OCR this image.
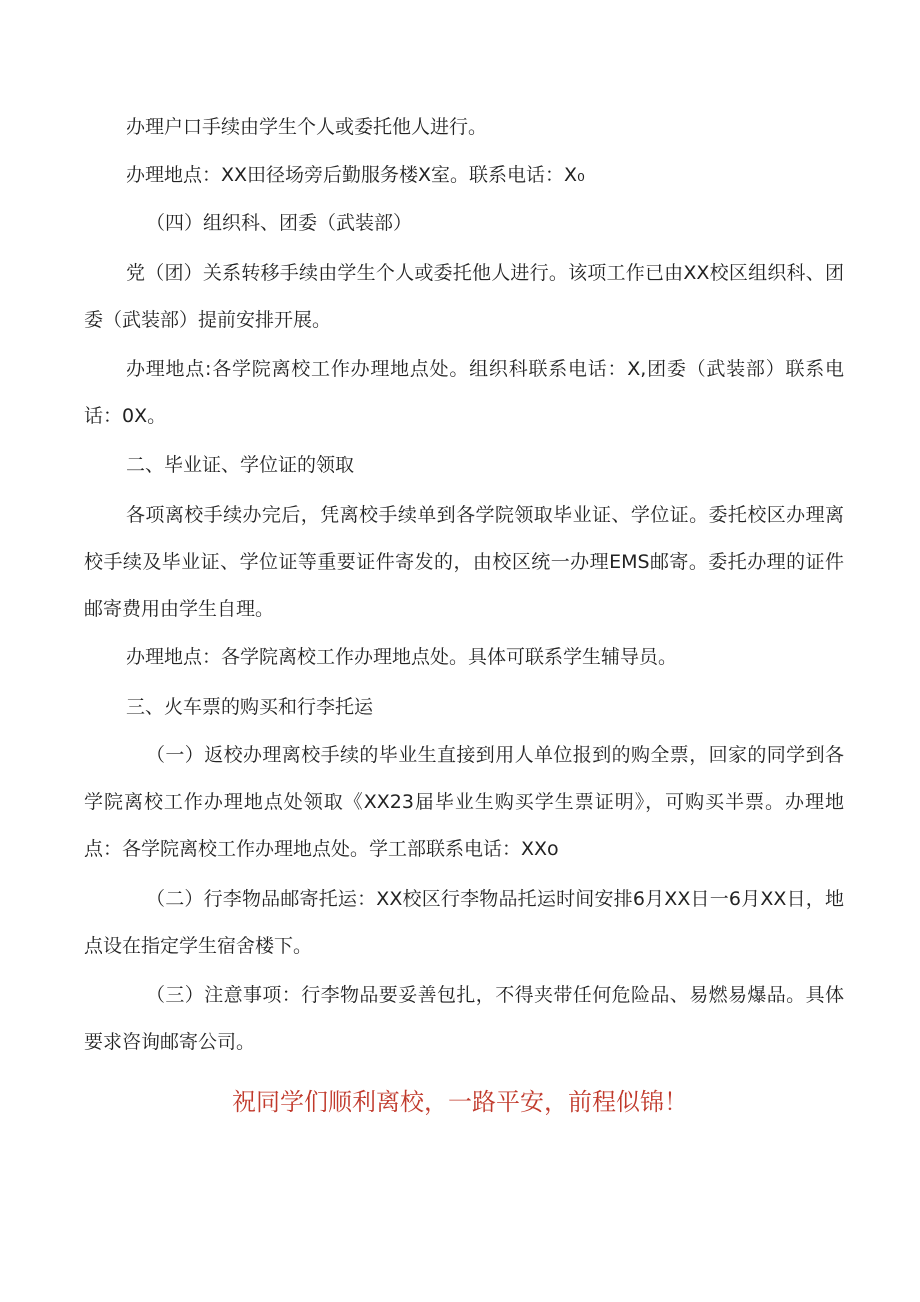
办理户口手续由学生个人或委托他人进行。

办理地点：XX田径场旁后勤服务楼X室。联系电话：X₀

（四）组织科、团委（武装部）

党（团）关系转移手续由学生个人或委托他人进行。该项工作已由XX校区组织科、团委（武装部）提前安排开展。

办理地点:各学院离校工作办理地点处。组织科联系电话：X,团委（武装部）联系电话：0X。

二、毕业证、学位证的领取

各项离校手续办完后，凭离校手续单到各学院领取毕业证、学位证。委托校区办理离校手续及毕业证、学位证等重要证件寄发的，由校区统一办理EMS邮寄。委托办理的证件邮寄费用由学生自理。

办理地点：各学院离校工作办理地点处。具体可联系学生辅导员。

三、火车票的购买和行李托运

（一）返校办理离校手续的毕业生直接到用人单位报到的购全票，回家的同学到各学院离校工作办理地点处领取《XX23届毕业生购买学生票证明》，可购买半票。办理地点：各学院离校工作办理地点处。学工部联系电话：XXo

（二）行李物品邮寄托运：XX校区行李物品托运时间安排6月XX日一6月XX日，地点设在指定学生宿舍楼下。

（三）注意事项：行李物品要妥善包扎，不得夹带任何危险品、易燃易爆品。具体要求咨询邮寄公司。

祝同学们顺利离校，一路平安，前程似锦！
